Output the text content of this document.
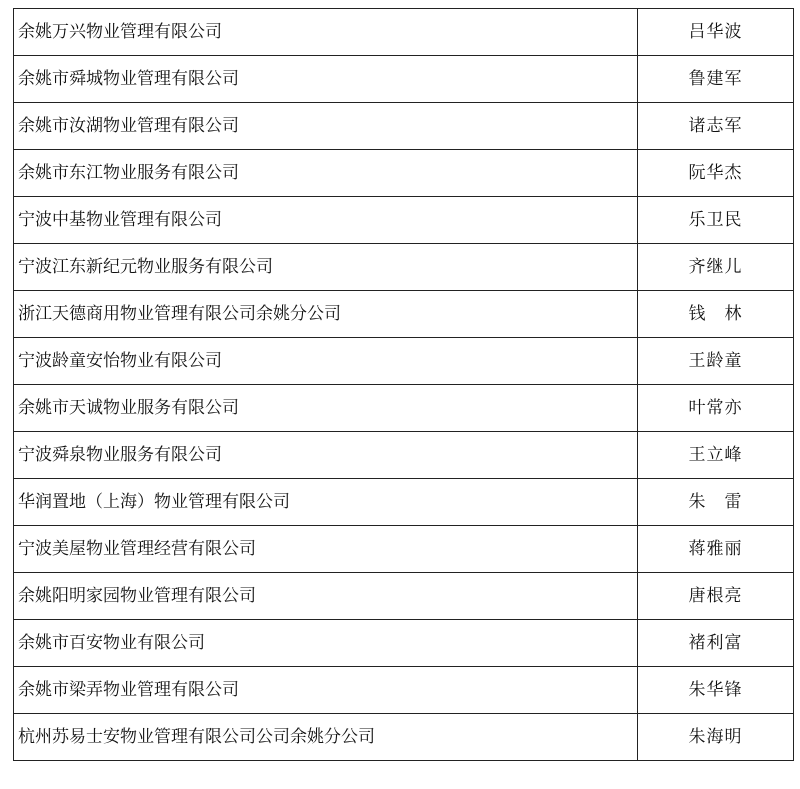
余姚万兴物业管理有限公司	吕华波
余姚市舜城物业管理有限公司	鲁建军
余姚市汝湖物业管理有限公司	诸志军
余姚市东江物业服务有限公司	阮华杰
宁波中基物业管理有限公司	乐卫民
宁波江东新纪元物业服务有限公司	齐继儿
浙江天德商用物业管理有限公司余姚分公司	钱　林
宁波龄童安怡物业有限公司	王龄童
余姚市天诚物业服务有限公司	叶常亦
宁波舜泉物业服务有限公司	王立峰
华润置地（上海）物业管理有限公司	朱　雷
宁波美屋物业管理经营有限公司	蒋雅丽
余姚阳明家园物业管理有限公司	唐根亮
余姚市百安物业有限公司	褚利富
余姚市梁弄物业管理有限公司	朱华锋
杭州苏易士安物业管理有限公司公司余姚分公司	朱海明
